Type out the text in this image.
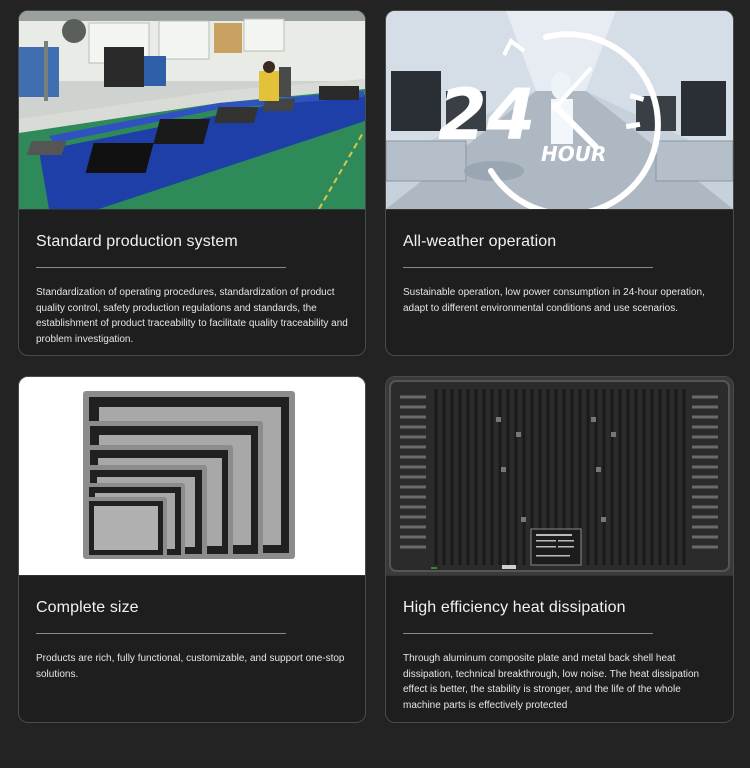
Standard production system
Standardization of operating procedures, standardization of product quality control, safety production regulations and standards, the establishment of product traceability to facilitate quality traceability and problem investigation.
24 HOUR
All-weather operation
Sustainable operation, low power consumption in 24-hour operation, adapt to different environmental conditions and use scenarios.
Complete size
Products are rich, fully functional, customizable, and support one-stop solutions.
High efficiency heat dissipation
Through aluminum composite plate and metal back shell heat dissipation, technical breakthrough, low noise. The heat dissipation effect is better, the stability is stronger, and the life of the whole machine parts is effectively protected
